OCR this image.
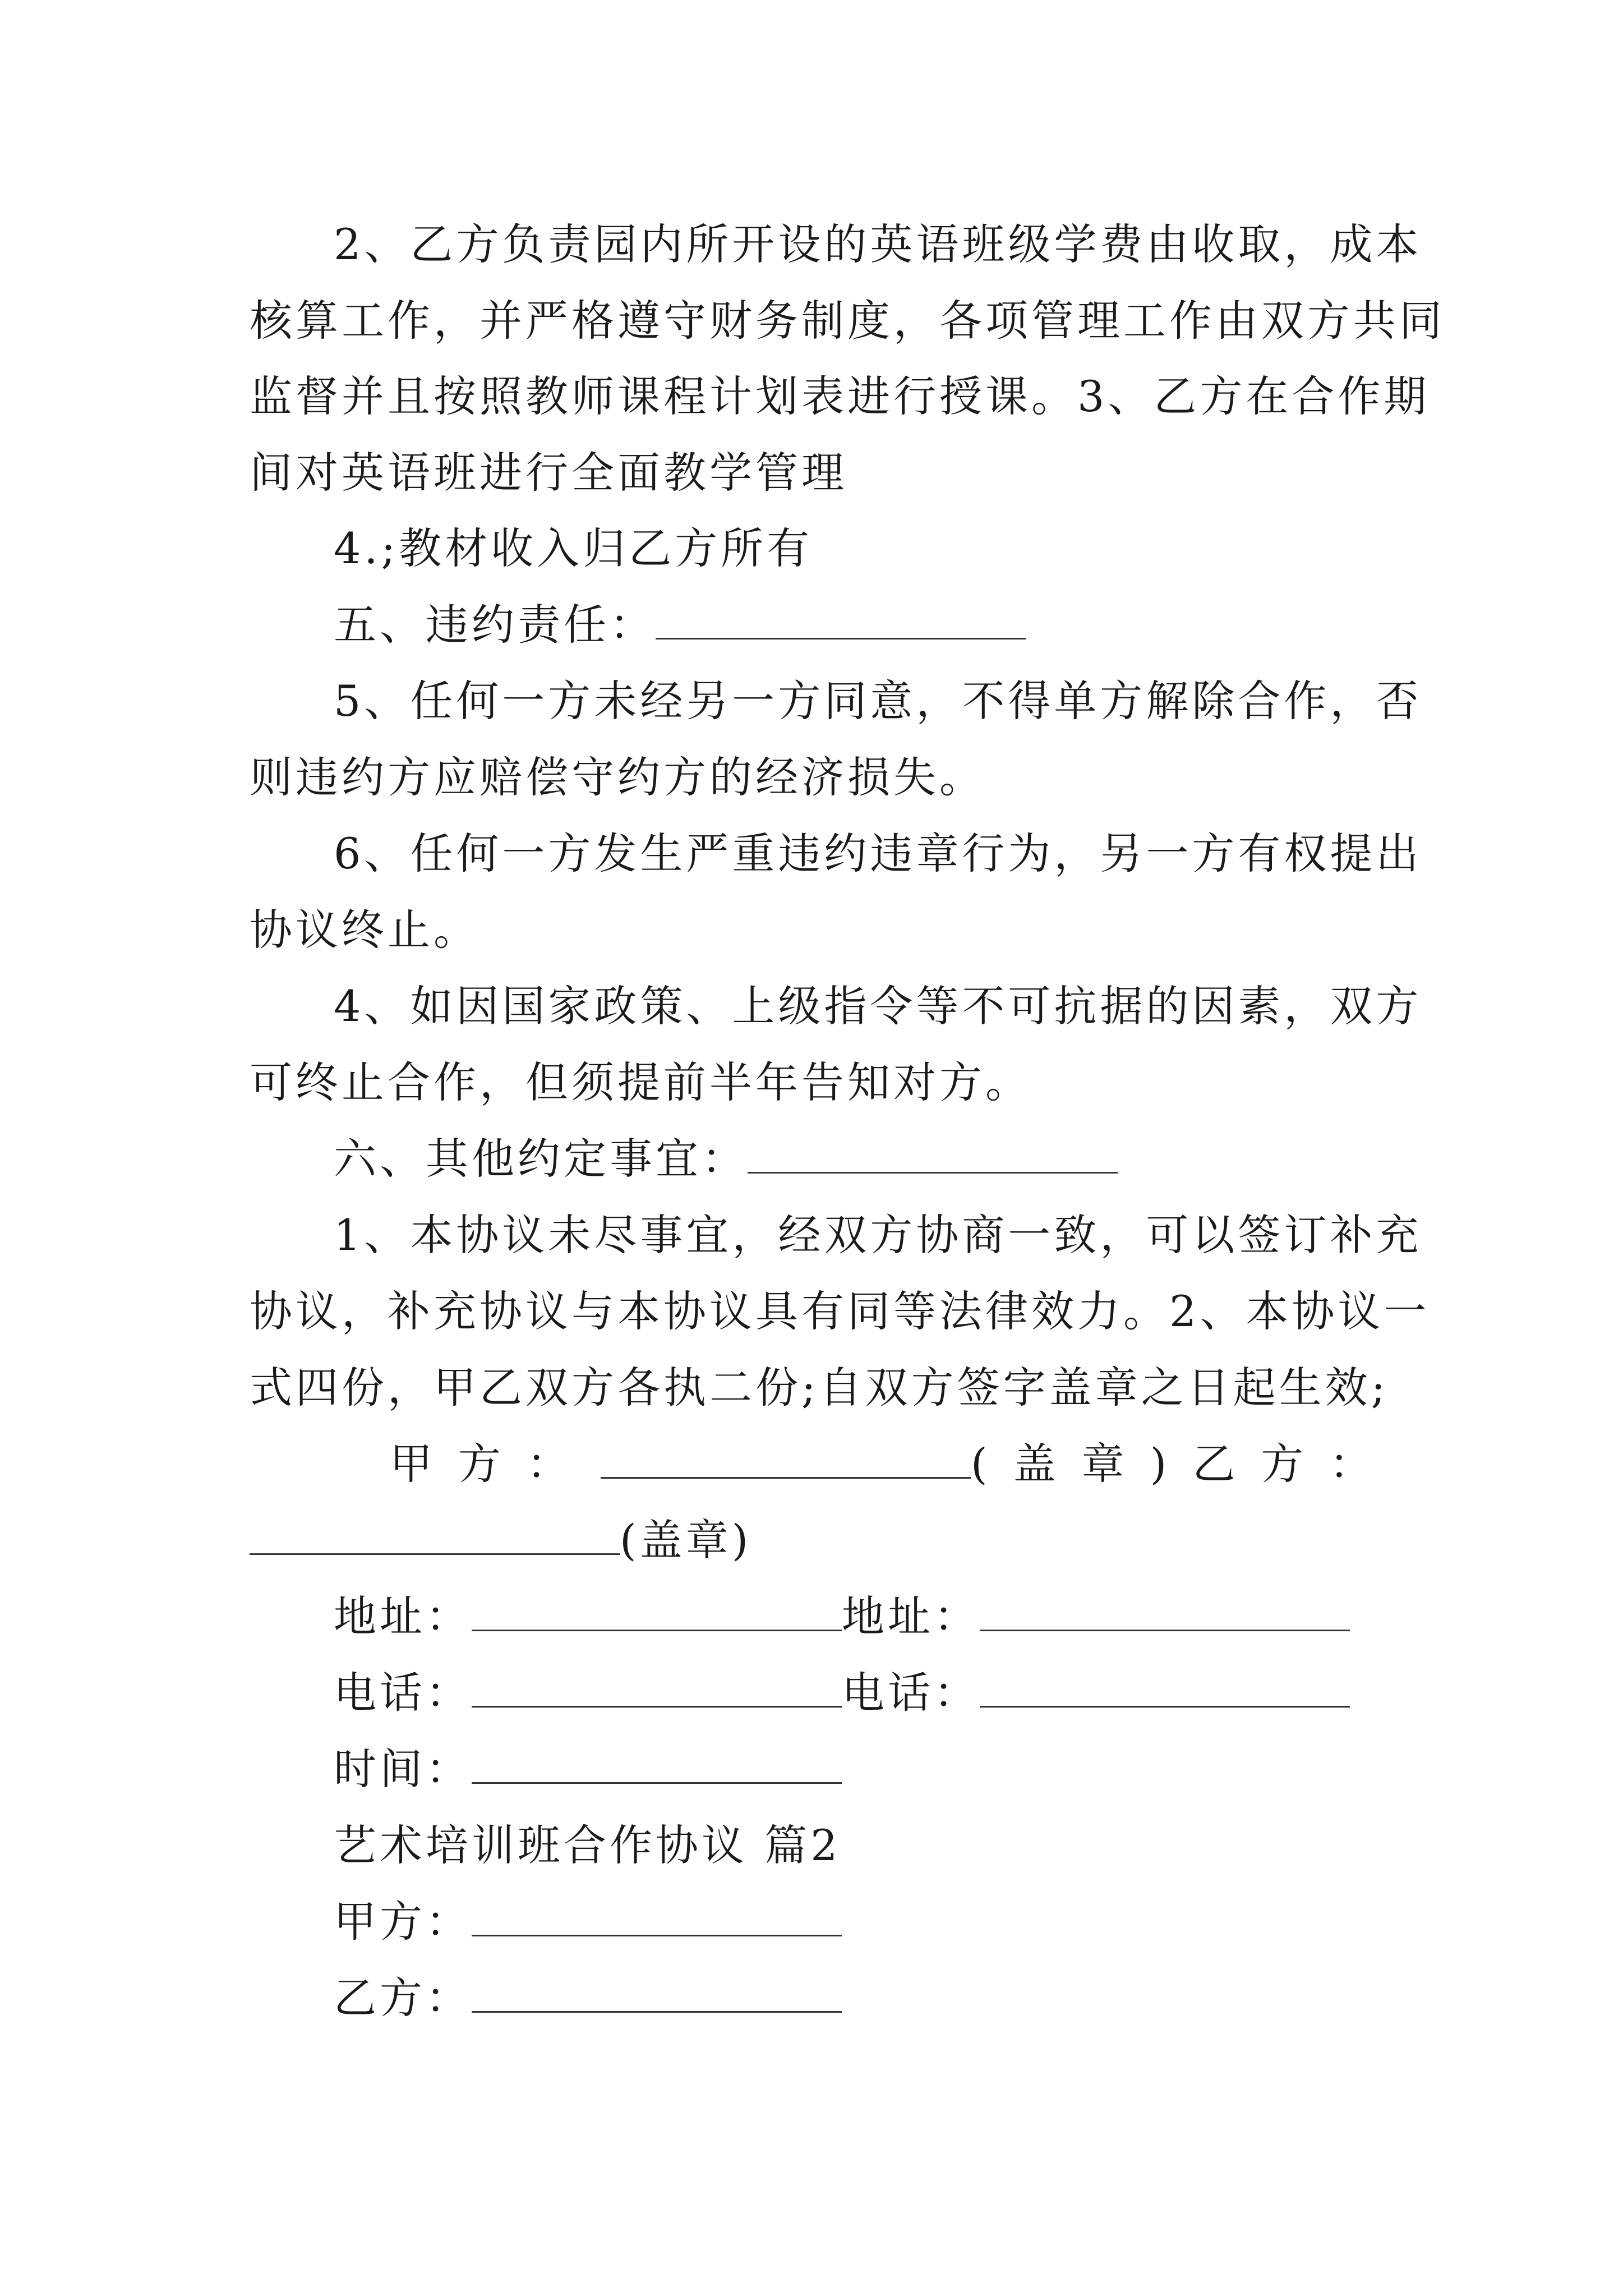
2、乙方负责园内所开设的英语班级学费由收取，成本
核算工作，并严格遵守财务制度，各项管理工作由双方共同
监督并且按照教师课程计划表进行授课。3、乙方在合作期
间对英语班进行全面教学管理
4.;教材收入归乙方所有
五、违约责任：
5、任何一方未经另一方同意，不得单方解除合作，否
则违约方应赔偿守约方的经济损失。
6、任何一方发生严重违约违章行为，另一方有权提出
协议终止。
4、如因国家政策、上级指令等不可抗据的因素，双方
可终止合作，但须提前半年告知对方。
六、其他约定事宜：
1、本协议未尽事宜，经双方协商一致，可以签订补充
协议，补充协议与本协议具有同等法律效力。2、本协议一
式四份，甲乙双方各执二份;自双方签字盖章之日起生效;
甲方：	(盖章)乙方：
(盖章)
地址：	地址：
电话：	电话：
时间：
艺术培训班合作协议 篇2
甲方：
乙方：
